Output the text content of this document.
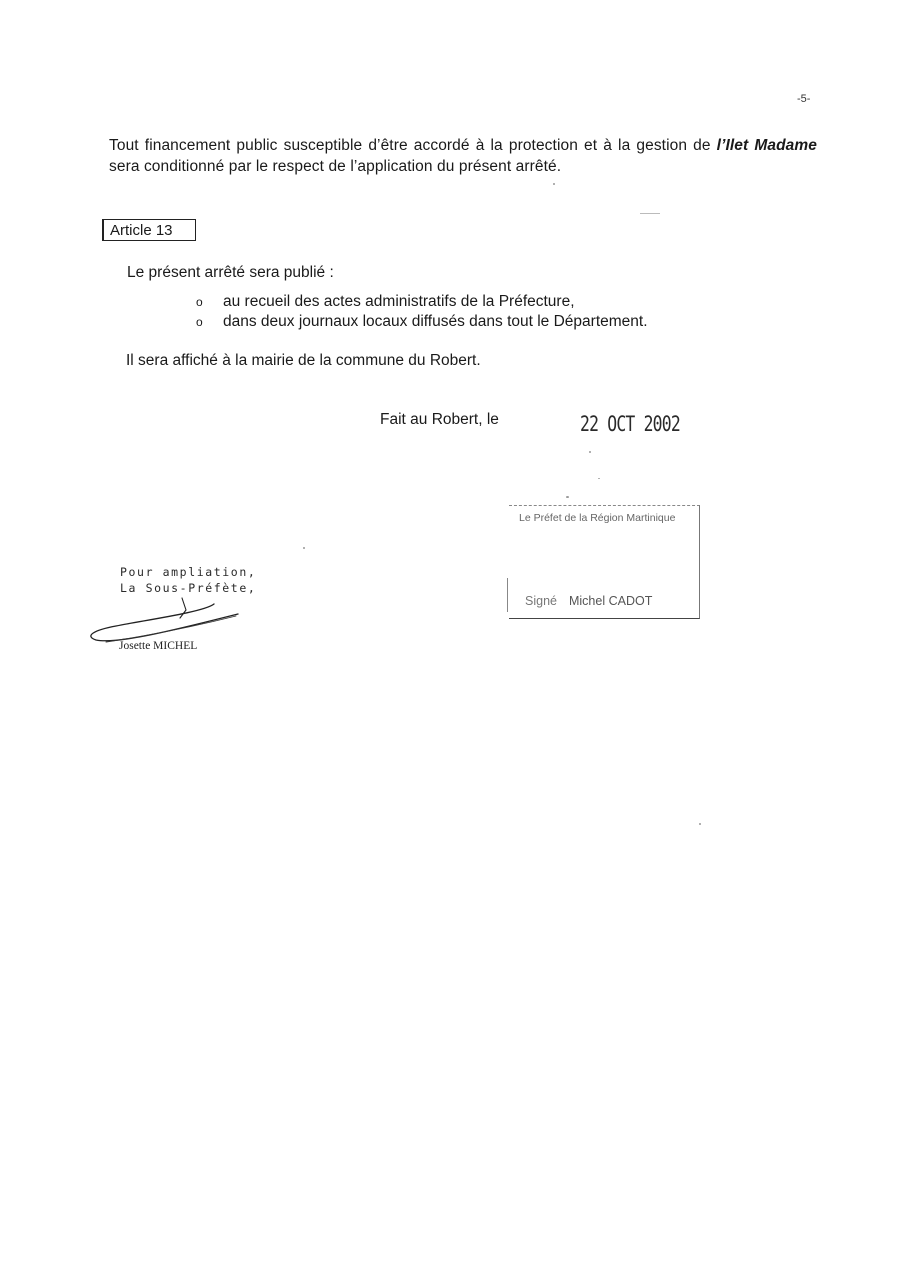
-5-

Tout financement public susceptible d’être accordé à la protection et à la gestion de l’Ilet Madame sera conditionné par le respect de l’application du présent arrêté.

Article 13
Le présent arrêté sera publié :
o au recueil des actes administratifs de la Préfecture,
o dans deux journaux locaux diffusés dans tout le Département.
Il sera affiché à la mairie de la commune du Robert.
Fait au Robert, le	22 OCT 2002
Le Préfet de la Région Martinique
Signé Michel CADOT
Pour ampliation,
La Sous-Préfète,
Josette MICHEL
